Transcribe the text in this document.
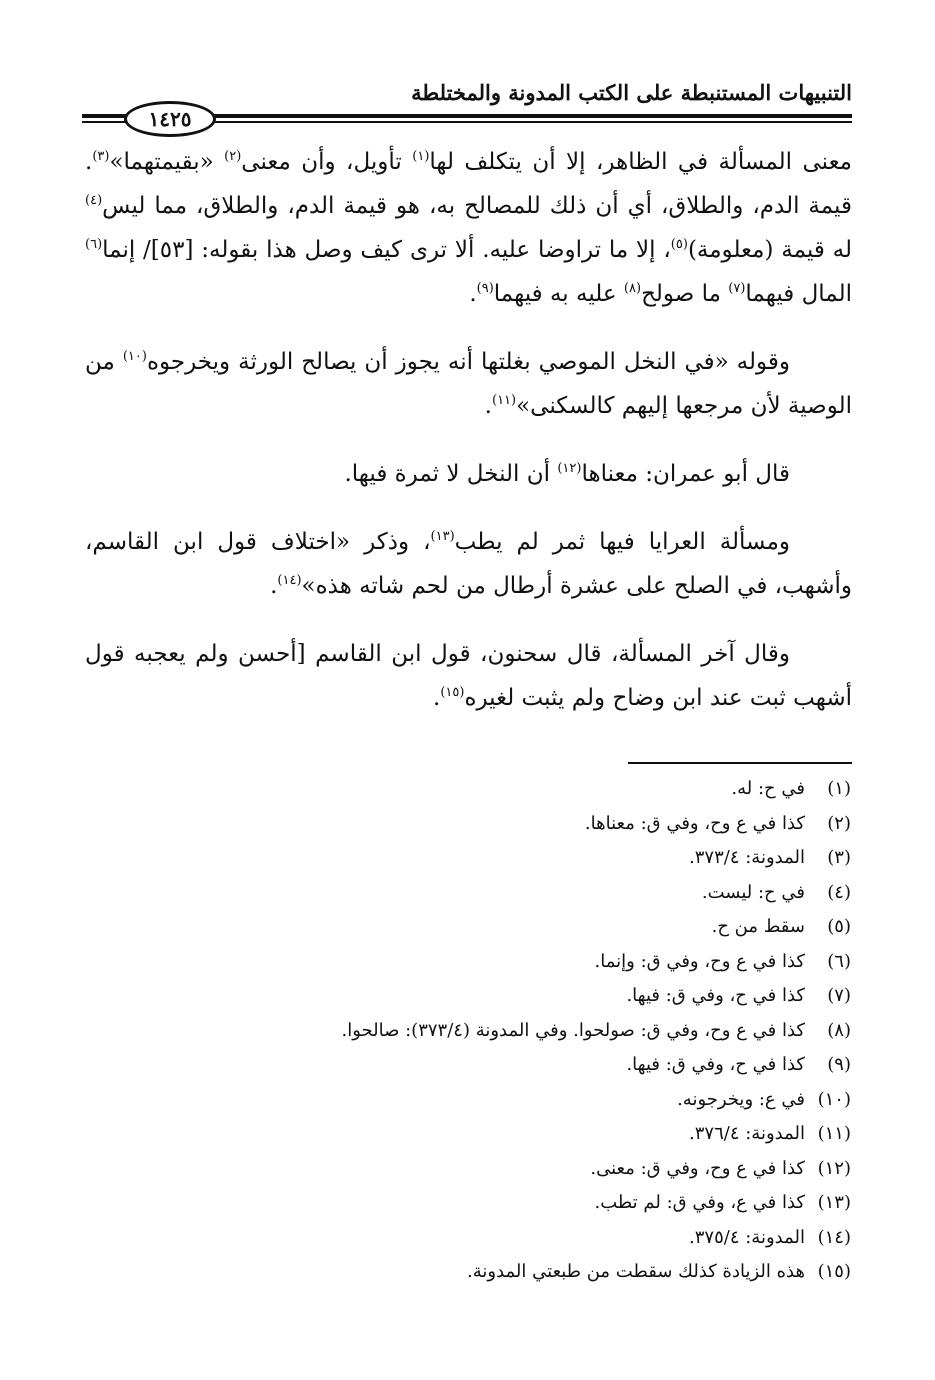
التنبيهات المستنبطة على الكتب المدونة والمختلطة
١٤٢٥

معنى المسألة في الظاهر، إلا أن يتكلف لها$^{(١)}$ تأويل، وأن معنى$^{(٢)}$ «بقيمتهما»$^{(٣)}$. قيمة الدم، والطلاق، أي أن ذلك للمصالح به، هو قيمة الدم، والطلاق، مما ليس$^{(٤)}$ له قيمة (معلومة)$^{(٥)}$، إلا ما تراوضا عليه. ألا ترى كيف وصل هذا بقوله: [٥٣]/ إنما$^{(٦)}$ المال فيهما$^{(٧)}$ ما صولح$^{(٨)}$ عليه به فيهما$^{(٩)}$.

وقوله «في النخل الموصي بغلتها أنه يجوز أن يصالح الورثة ويخرجوه$^{(١٠)}$ من الوصية لأن مرجعها إليهم كالسكنى»$^{(١١)}$.

قال أبو عمران: معناها$^{(١٢)}$ أن النخل لا ثمرة فيها.

ومسألة العرايا فيها ثمر لم يطب$^{(١٣)}$، وذكر «اختلاف قول ابن القاسم، وأشهب، في الصلح على عشرة أرطال من لحم شاته هذه»$^{(١٤)}$.

وقال آخر المسألة، قال سحنون، قول ابن القاسم [أحسن ولم يعجبه قول أشهب ثبت عند ابن وضاح ولم يثبت لغيره$^{(١٥)}$.

(١)في ح: له.
(٢)كذا في ع وح، وفي ق: معناها.
(٣)المدونة: ٣٧٣/٤.
(٤)في ح: ليست.
(٥)سقط من ح.
(٦)كذا في ع وح، وفي ق: وإنما.
(٧)كذا في ح، وفي ق: فيها.
(٨)كذا في ع وح، وفي ق: صولحوا. وفي المدونة (٣٧٣/٤): صالحوا.
(٩)كذا في ح، وفي ق: فيها.
(١٠)في ع: ويخرجونه.
(١١)المدونة: ٣٧٦/٤.
(١٢)كذا في ع وح، وفي ق: معنى.
(١٣)كذا في ع، وفي ق: لم تطب.
(١٤)المدونة: ٣٧٥/٤.
(١٥)هذه الزيادة كذلك سقطت من طبعتي المدونة.
